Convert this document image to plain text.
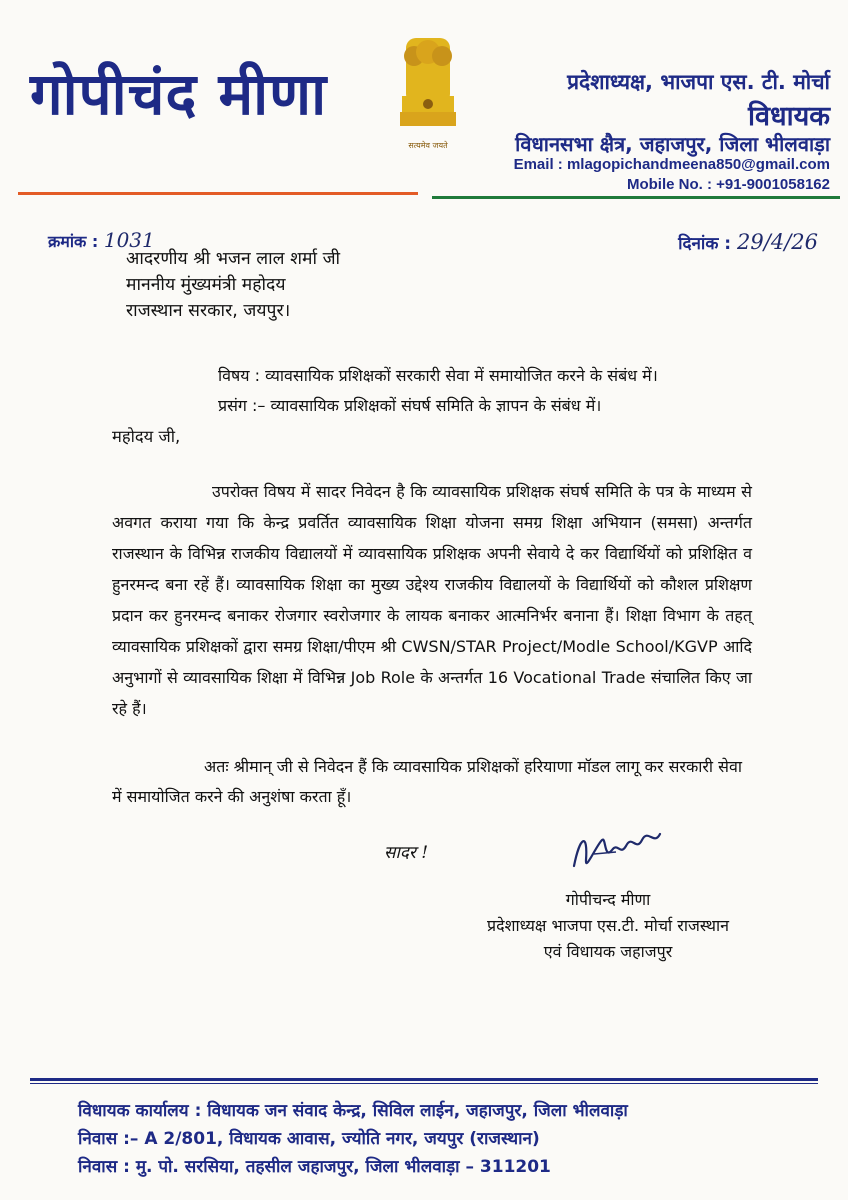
गोपीचंद मीणा
सत्यमेव जयते
प्रदेशाध्यक्ष, भाजपा एस. टी. मोर्चा
विधायक
विधानसभा क्षैत्र, जहाजपुर, जिला भीलवाड़ा
Email : mlagopichandmeena850@gmail.com
Mobile No. : +91-9001058162
क्रमांक : 1031	दिनांक : 29/4/26
आदरणीय श्री भजन लाल शर्मा जी
माननीय मुंख्यमंत्री महोदय
राजस्थान सरकार, जयपुर।
विषय : व्यावसायिक प्रशिक्षकों सरकारी सेवा में समायोजित करने के संबंध में।
प्रसंग :– व्यावसायिक प्रशिक्षकों संघर्ष समिति के ज्ञापन के संबंध में।
महोदय जी,
उपरोक्त विषय में सादर निवेदन है कि व्यावसायिक प्रशिक्षक संघर्ष समिति के पत्र के माध्यम से अवगत कराया गया कि केन्द्र प्रवर्तित व्यावसायिक शिक्षा योजना समग्र शिक्षा अभियान (समसा) अन्तर्गत राजस्थान के विभिन्न राजकीय विद्यालयों में व्यावसायिक प्रशिक्षक अपनी सेवाये दे कर विद्यार्थियों को प्रशिक्षित व हुनरमन्द बना रहें हैं। व्यावसायिक शिक्षा का मुख्य उद्देश्य राजकीय विद्यालयों के विद्यार्थियों को कौशल प्रशिक्षण प्रदान कर हुनरमन्द बनाकर रोजगार स्वरोजगार के लायक बनाकर आत्मनिर्भर बनाना हैं। शिक्षा विभाग के तहत् व्यावसायिक प्रशिक्षकों द्वारा समग्र शिक्षा/पीएम श्री CWSN/STAR Project/Modle School/KGVP आदि अनुभागों से व्यावसायिक शिक्षा में विभिन्न Job Role के अन्तर्गत 16 Vocational Trade संचालित किए जा रहे हैं।
अतः श्रीमान् जी से निवेदन हैं कि व्यावसायिक प्रशिक्षकों हरियाणा मॉडल लागू कर सरकारी सेवा में समायोजित करने की अनुशंषा करता हूँ।
सादर !
गोपीचन्द मीणा
प्रदेशाध्यक्ष भाजपा एस.टी. मोर्चा राजस्थान
एवं विधायक जहाजपुर
विधायक कार्यालय : विधायक जन संवाद केन्द्र, सिविल लाईन, जहाजपुर, जिला भीलवाड़ा
निवास :– A 2/801, विधायक आवास, ज्योति नगर, जयपुर (राजस्थान)
निवास : मु. पो. सरसिया, तहसील जहाजपुर, जिला भीलवाड़ा – 311201
